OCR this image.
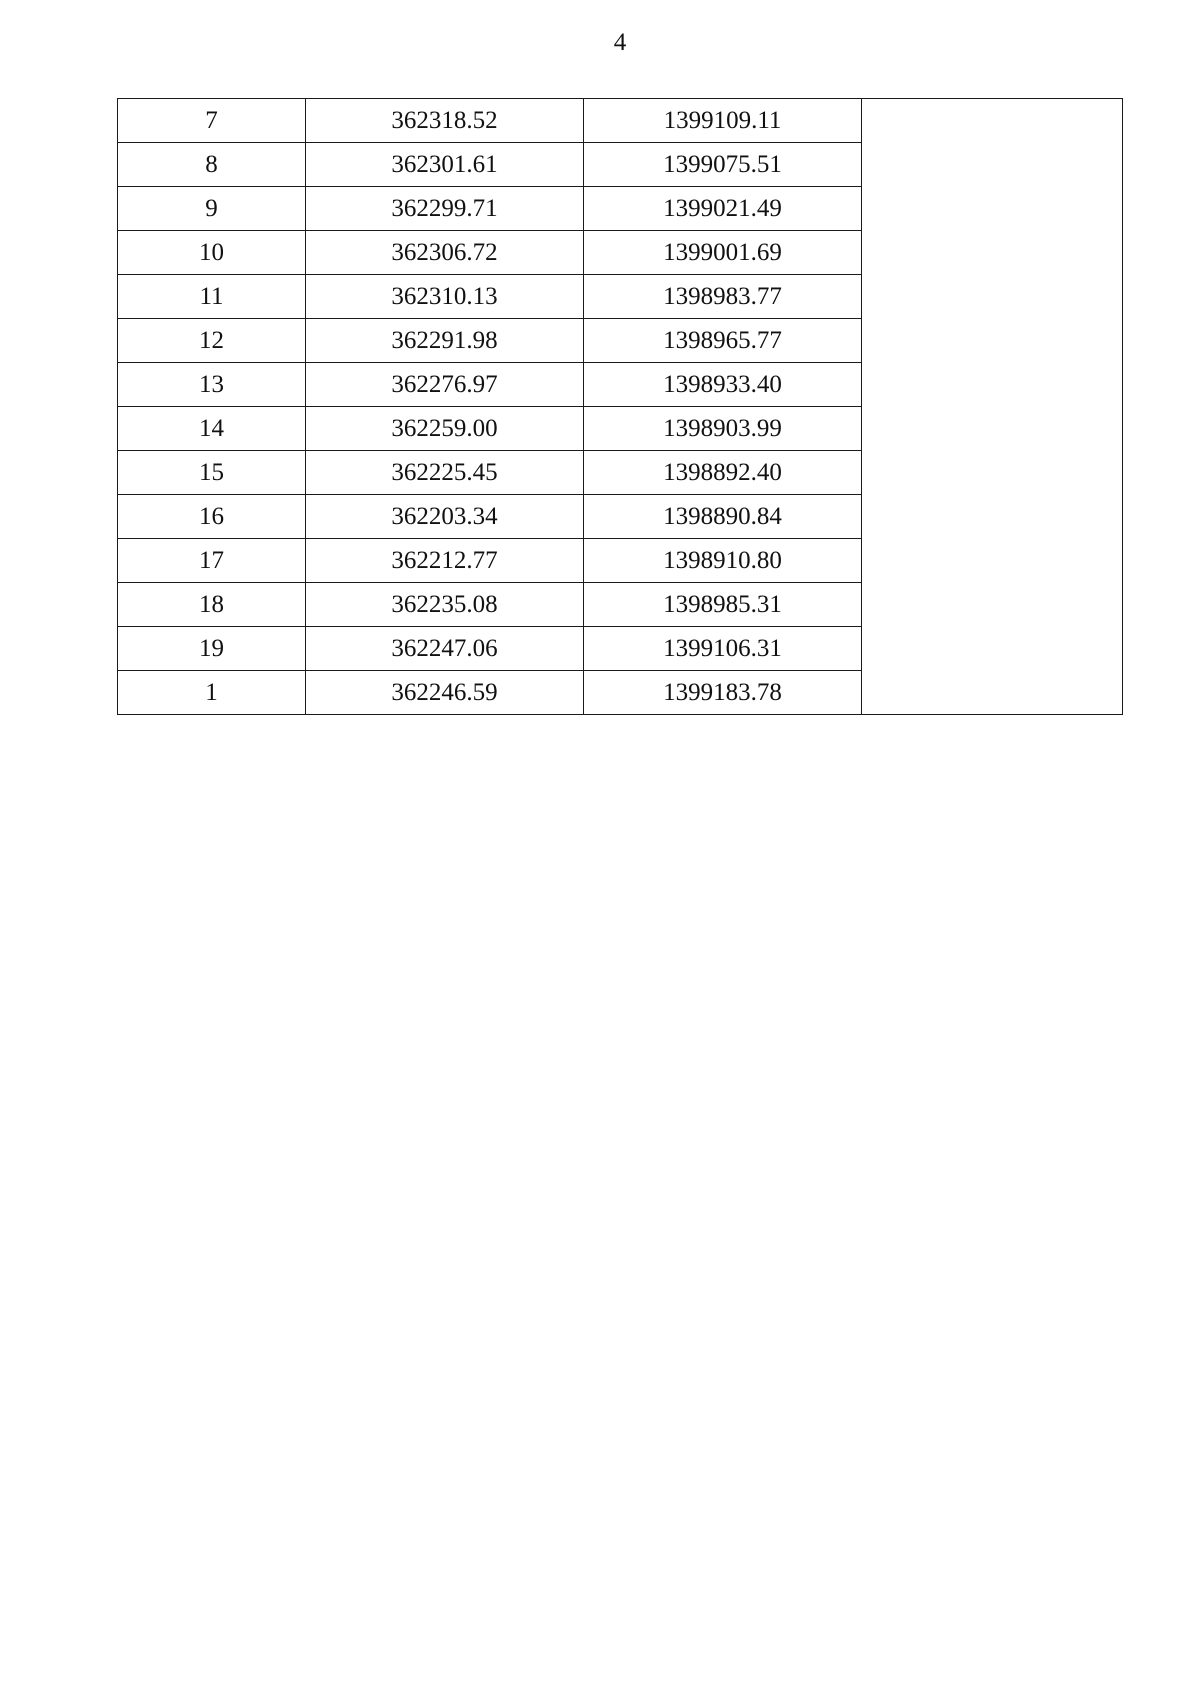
4
7	362318.52	1399109.11	
8	362301.61	1399075.51	
9	362299.71	1399021.49	
10	362306.72	1399001.69	
11	362310.13	1398983.77	
12	362291.98	1398965.77	
13	362276.97	1398933.40	
14	362259.00	1398903.99	
15	362225.45	1398892.40	
16	362203.34	1398890.84	
17	362212.77	1398910.80	
18	362235.08	1398985.31	
19	362247.06	1399106.31	
1	362246.59	1399183.78	
